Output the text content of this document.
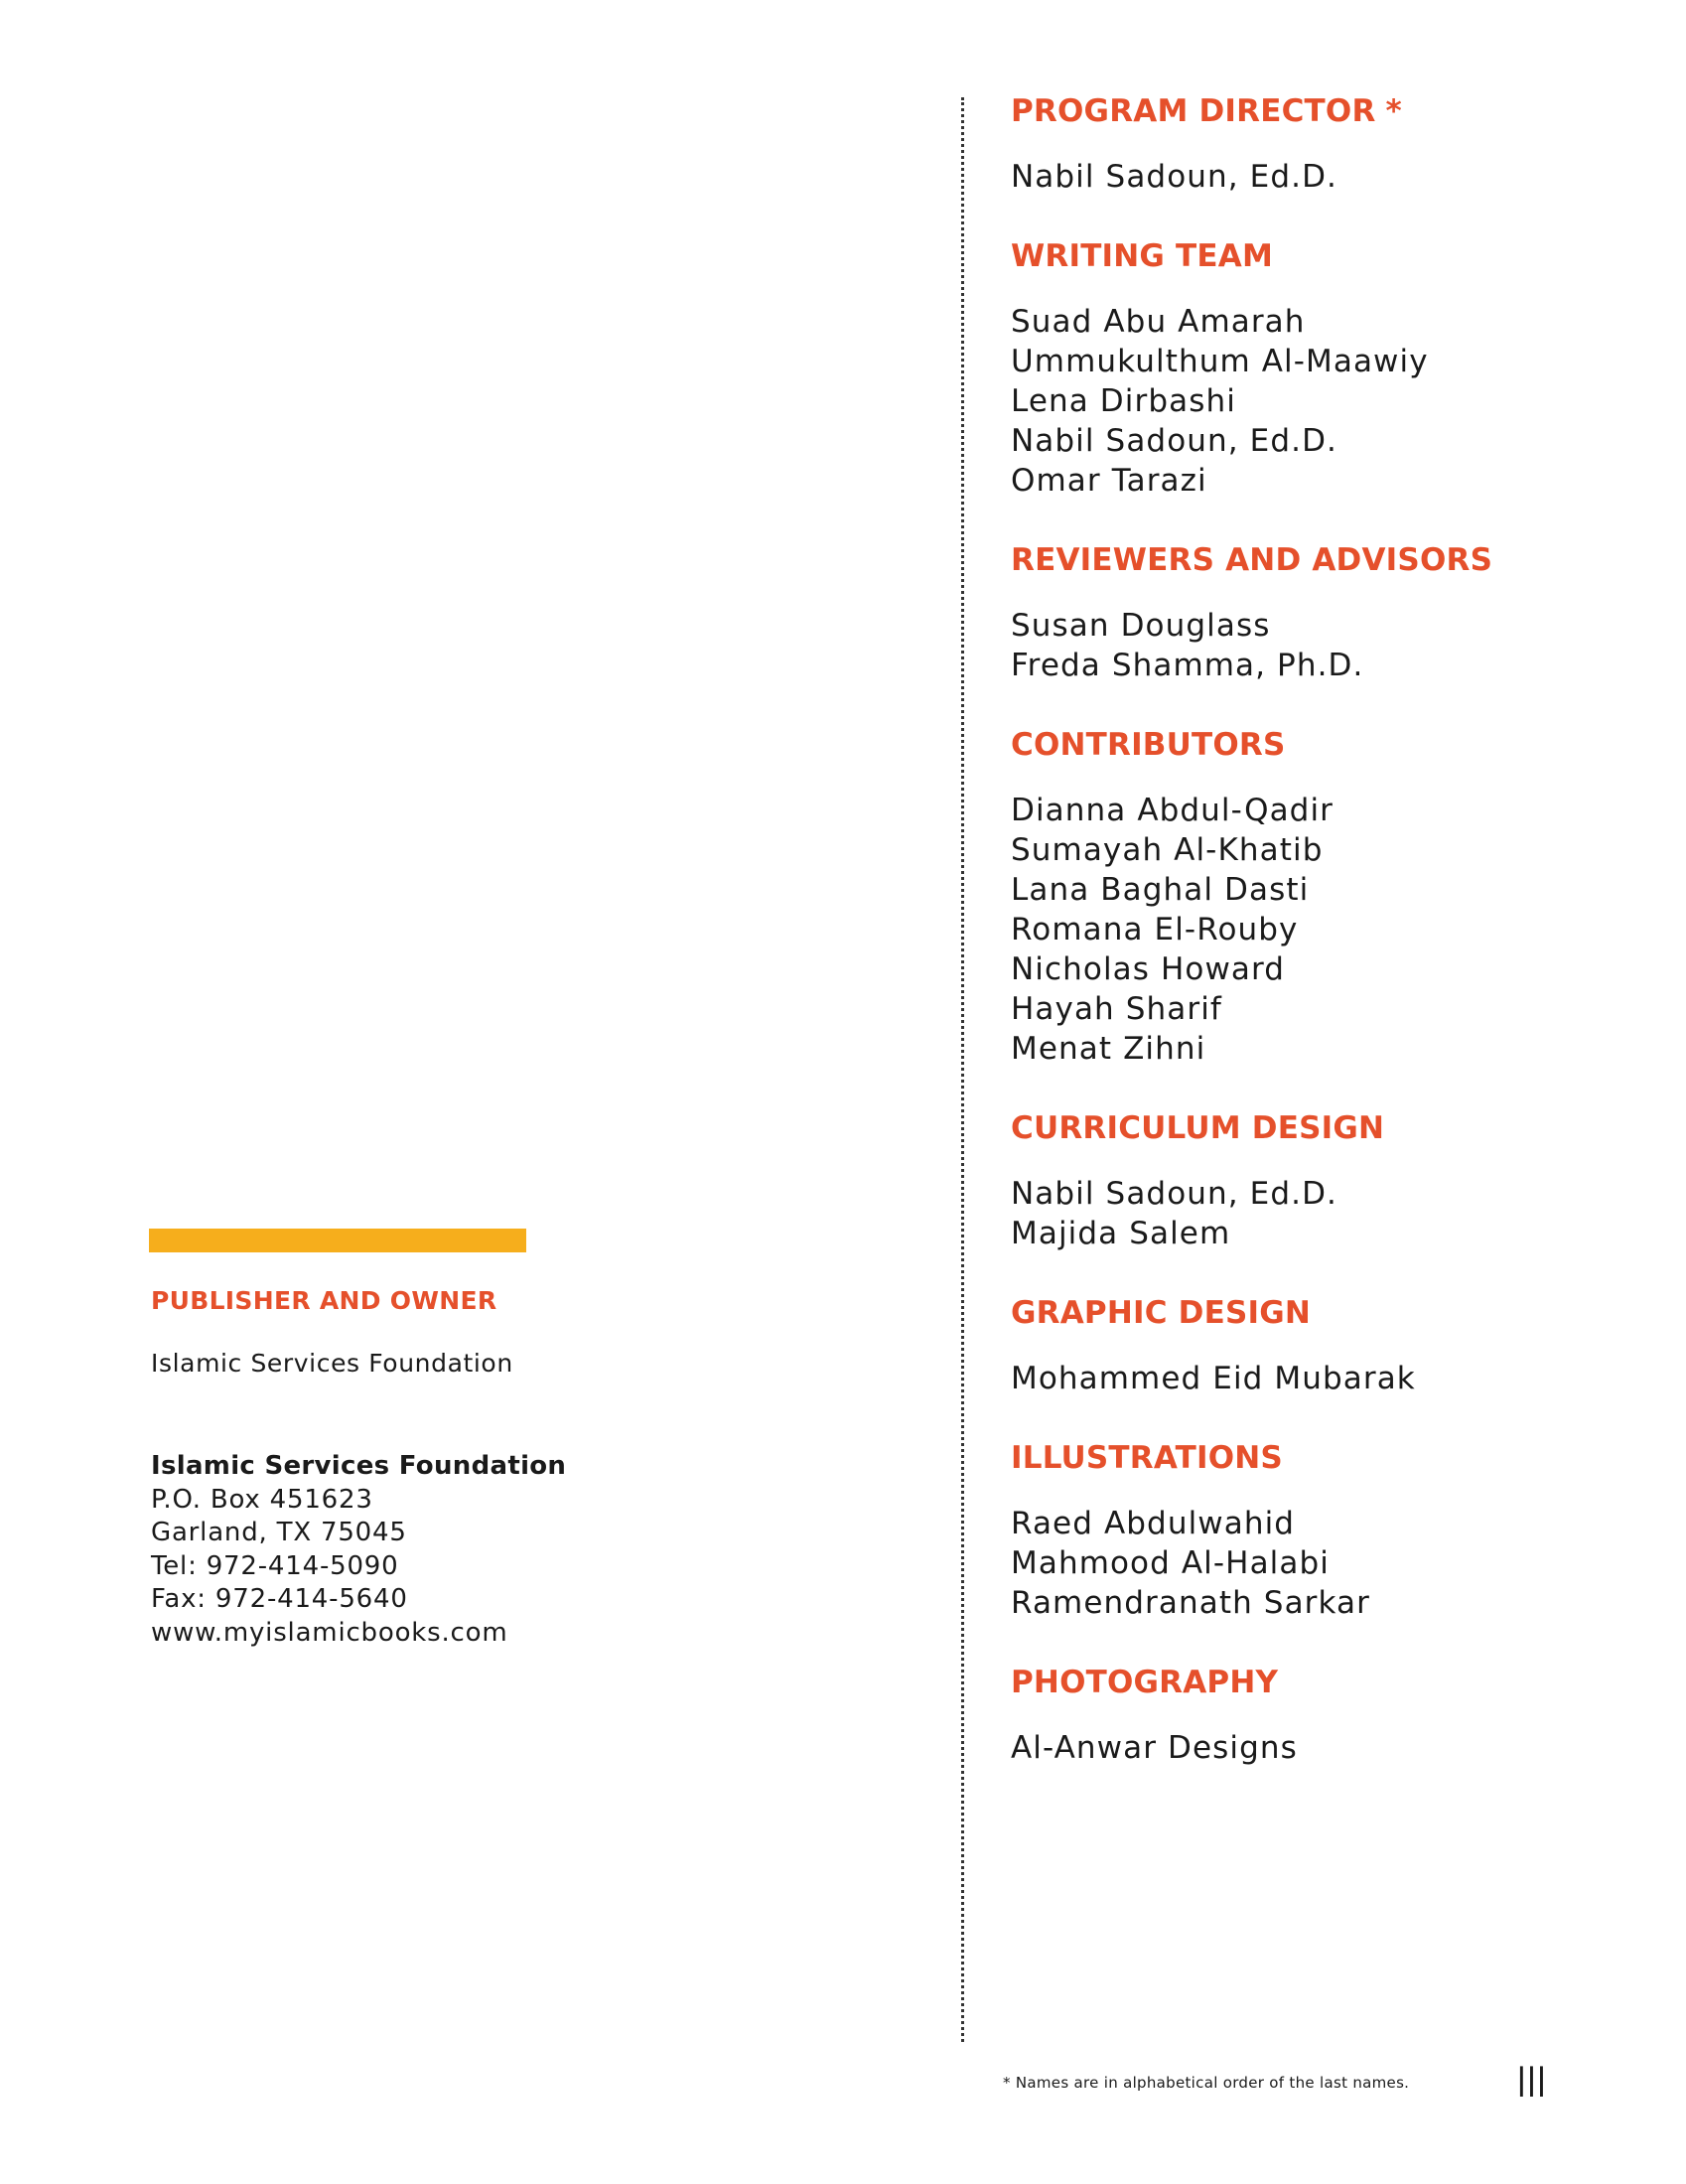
PUBLISHER AND OWNER

Islamic Services Foundation

Islamic Services Foundation
P.O. Box 451623
Garland, TX 75045
Tel: 972-414-5090
Fax: 972-414-5640
www.myislamicbooks.com

PROGRAM DIRECTOR *

Nabil Sadoun, Ed.D.

WRITING TEAM

Suad Abu Amarah
Ummukulthum Al-Maawiy
Lena Dirbashi
Nabil Sadoun, Ed.D.
Omar Tarazi

REVIEWERS AND ADVISORS

Susan Douglass
Freda Shamma, Ph.D.

CONTRIBUTORS

Dianna Abdul-Qadir
Sumayah Al-Khatib
Lana Baghal Dasti
Romana El-Rouby
Nicholas Howard
Hayah Sharif
Menat Zihni

CURRICULUM DESIGN

Nabil Sadoun, Ed.D.
Majida Salem

GRAPHIC DESIGN

Mohammed Eid Mubarak

ILLUSTRATIONS

Raed Abdulwahid
Mahmood Al-Halabi
Ramendranath Sarkar

PHOTOGRAPHY

Al-Anwar Designs
* Names are in alphabetical order of the last names.	III
